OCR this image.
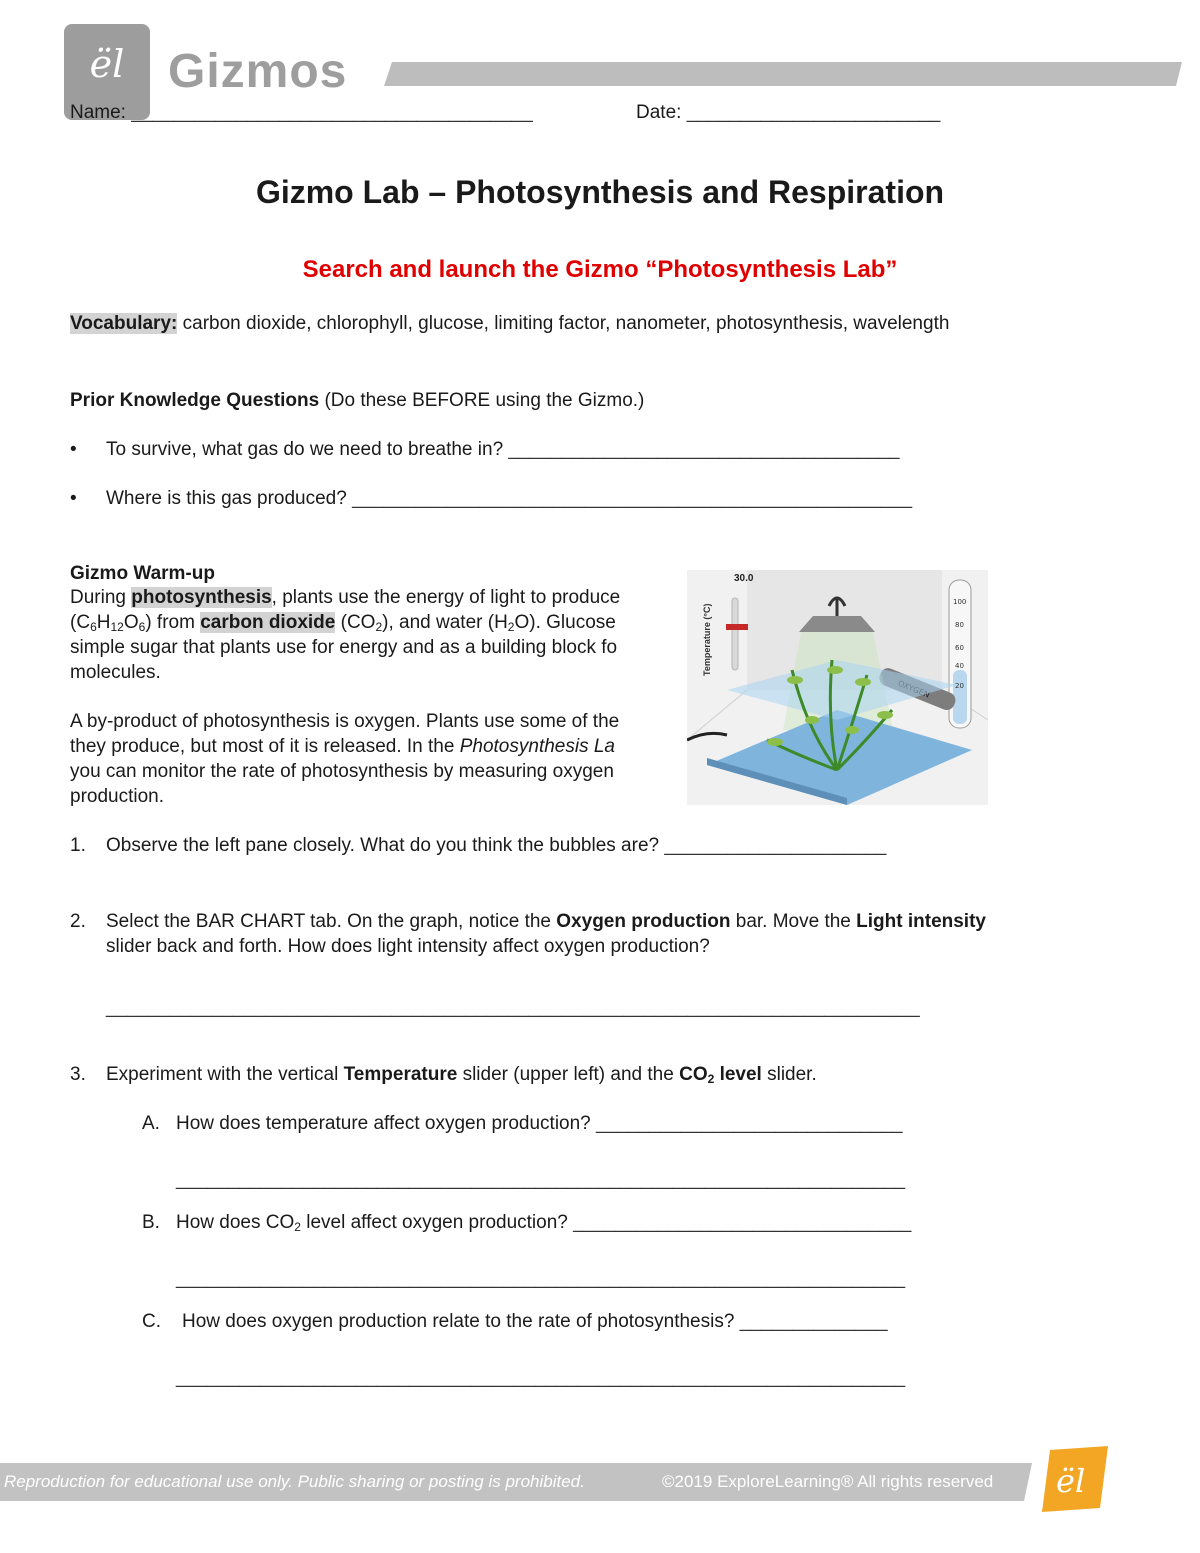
ël Gizmos
Name: ______________________________________	Date: ________________________
Gizmo Lab – Photosynthesis and Respiration
Search and launch the Gizmo “Photosynthesis Lab”
Vocabulary: carbon dioxide, chlorophyll, glucose, limiting factor, nanometer, photosynthesis, wavelength
Prior Knowledge Questions (Do these BEFORE using the Gizmo.)
• To survive, what gas do we need to breathe in? _____________________________________
• Where is this gas produced? _____________________________________________________
Gizmo Warm-up
During photosynthesis, plants use the energy of light to produce
$(C_6H_{12}O_6)$ from carbon dioxide $(CO_2)$, and water $(H_2O)$. Glucose
simple sugar that plants use for energy and as a building block fo
molecules.
A by-product of photosynthesis is oxygen. Plants use some of the
they produce, but most of it is released. In the Photosynthesis La
you can monitor the rate of photosynthesis by measuring oxygen
production.
100
80
60
40
20
30.0
Temperature (°C)
1. Observe the left pane closely. What do you think the bubbles are? _____________________
2. Select the BAR CHART tab. On the graph, notice the Oxygen production bar. Move the Light intensity
slider back and forth. How does light intensity affect oxygen production?
_____________________________________________________________________________
3. Experiment with the vertical Temperature slider (upper left) and the $CO_2$ level slider.
A. How does temperature affect oxygen production? _____________________________
_____________________________________________________________________
B. How does $CO_2$ level affect oxygen production? ________________________________
_____________________________________________________________________
C. How does oxygen production relate to the rate of photosynthesis? ______________
_____________________________________________________________________
Reproduction for educational use only. Public sharing or posting is prohibited.	©2019 ExploreLearning® All rights reserved ël
